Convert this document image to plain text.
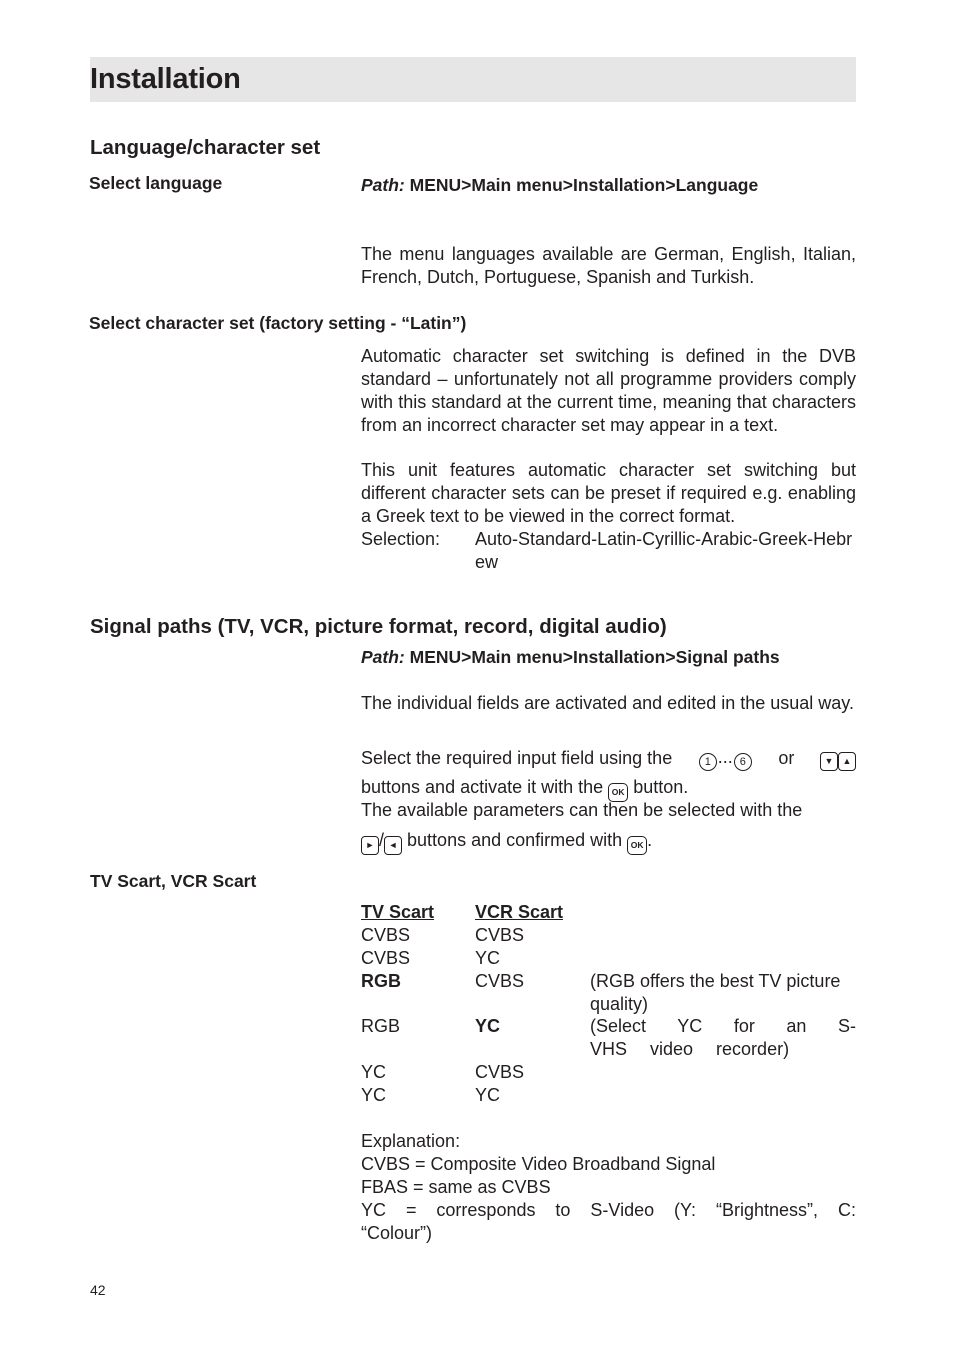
Installation
Language/character set
Select language	Path: MENU>Main menu>Installation>Language
The menu languages available are German, English, Italian, French, Dutch, Portuguese, Spanish and Turkish.
Select character set (factory setting - “Latin”)
Automatic character set switching is defined in the DVB standard – unfortunately not all programme providers comply with this standard at the current time, meaning that characters from an incorrect character set may appear in a text.
This unit features automatic character set switching but different character sets can be preset if required e.g. enabling a Greek text to be viewed in the correct format.
Selection: Auto-Standard-Latin-Cyrillic-Arabic-Greek-Hebrew
Signal paths (TV, VCR, picture format, record, digital audio)
Path: MENU>Main menu>Installation>Signal paths
The individual fields are activated and edited in the usual way.
Select the required input field using the	1 ... 6	or	▼ ▲
buttons and activate it with the OK button.
The available parameters can then be selected with the
► / ◄ buttons and confirmed with OK .
TV Scart, VCR Scart
TV Scart VCR Scart
CVBS	CVBS
CVBS	YC
RGB	CVBS	(RGB offers the best TV picture quality)
RGB	YC	(Select YC for an S-VHS video recorder)
YC	CVBS
YC	YC
Explanation:
CVBS = Composite Video Broadband Signal
FBAS = same as CVBS
YC = corresponds to S-Video (Y: “Brightness”, C: “Colour”)
42
